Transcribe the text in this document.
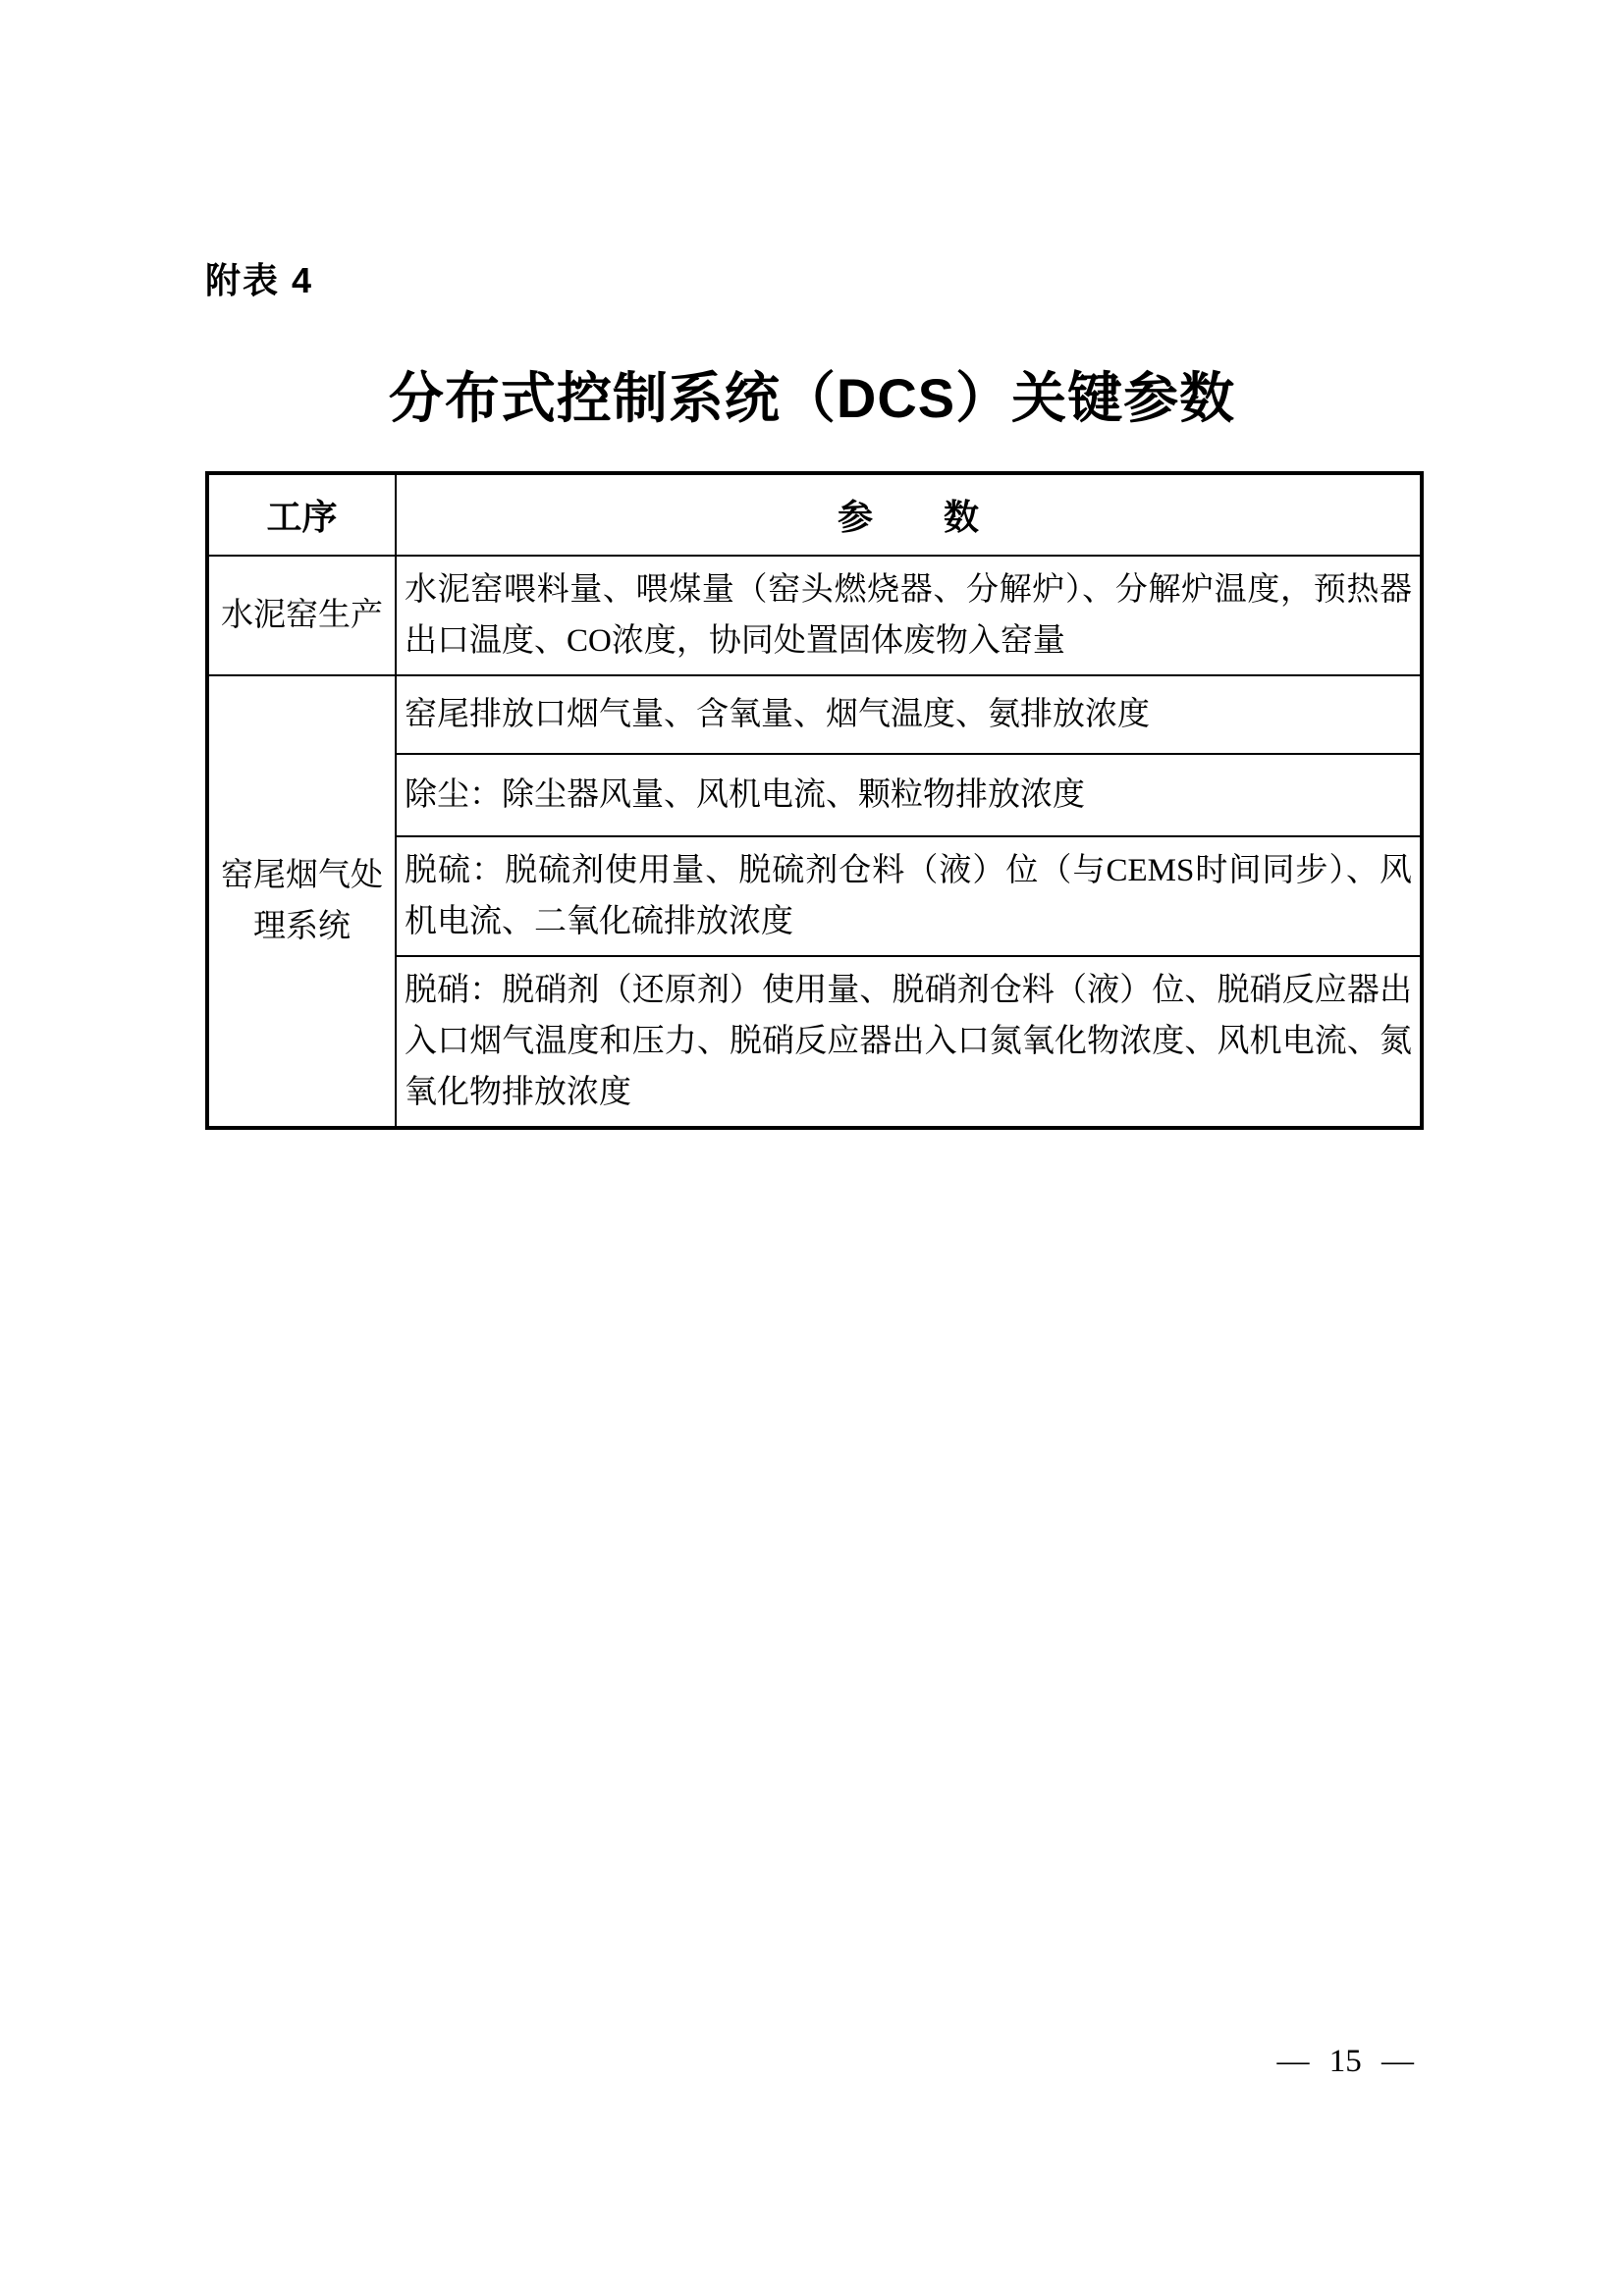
附表 4
分布式控制系统（DCS）关键参数
工序	参　　数
水泥窑生产	水泥窑喂料量、喂煤量（窑头燃烧器、分解炉）、分解炉温度，预热器出口温度、CO浓度，协同处置固体废物入窑量
窑尾烟气处理系统	窑尾排放口烟气量、含氧量、烟气温度、氨排放浓度
	除尘：除尘器风量、风机电流、颗粒物排放浓度
	脱硫：脱硫剂使用量、脱硫剂仓料（液）位（与CEMS时间同步）、风机电流、二氧化硫排放浓度
	脱硝：脱硝剂（还原剂）使用量、脱硝剂仓料（液）位、脱硝反应器出入口烟气温度和压力、脱硝反应器出入口氮氧化物浓度、风机电流、氮氧化物排放浓度
— 15 —
